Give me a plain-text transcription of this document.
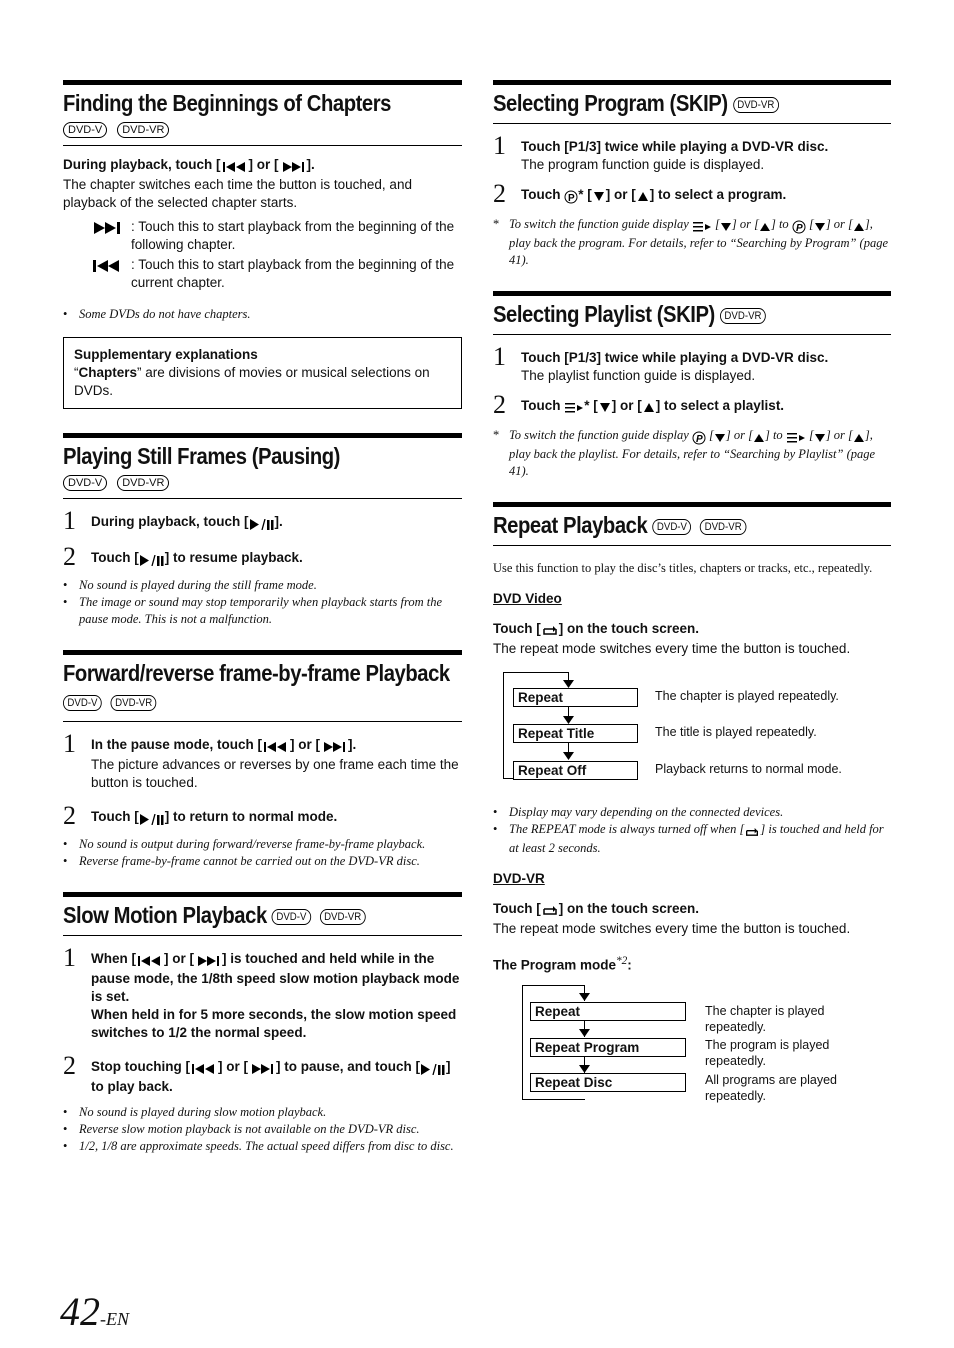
Finding the Beginnings of Chapters
DVD-V DVD-VR
During playback, touch [ ] or [ ].
The chapter switches each time the button is touched, and playback of the selected chapter starts.
: Touch this to start playback from the beginning of the following chapter.
: Touch this to start playback from the beginning of the current chapter.
• Some DVDs do not have chapters.
Supplementary explanations
“Chapters” are divisions of movies or musical selections on DVDs.
Playing Still Frames (Pausing)
DVD-V DVD-VR
1 During playback, touch [ ].
2 Touch [ ] to resume playback.
• No sound is played during the still frame mode.
• The image or sound may stop temporarily when playback starts from the pause mode. This is not a malfunction.
Forward/reverse frame-by-frame Playback DVD-V DVD-VR
1 In the pause mode, touch [ ] or [ ].
The picture advances or reverses by one frame each time the button is touched.
2 Touch [ ] to return to normal mode.
• No sound is output during forward/reverse frame-by-frame playback.
• Reverse frame-by-frame cannot be carried out on the DVD-VR disc.
Slow Motion Playback DVD-V DVD-VR
1 When [ ] or [ ] is touched and held while in the pause mode, the 1/8th speed slow motion playback mode is set.
When held in for 5 more seconds, the slow motion speed switches to 1/2 the normal speed.
2 Stop touching [ ] or [ ] to pause, and touch [ ] to play back.
• No sound is played during slow motion playback.
• Reverse slow motion playback is not available on the DVD-VR disc.
• 1/2, 1/8 are approximate speeds. The actual speed differs from disc to disc.
Selecting Program (SKIP) DVD-VR
1 Touch [P1/3] twice while playing a DVD-VR disc.
The program function guide is displayed.
2 Touch P * [ ] or [ ] to select a program.
* To switch the function guide display [ ] or [ ] to P [ ] or [ ], play back the program. For details, refer to “Searching by Program” (page 41).
Selecting Playlist (SKIP) DVD-VR
1 Touch [P1/3] twice while playing a DVD-VR disc.
The playlist function guide is displayed.
2 Touch * [ ] or [ ] to select a playlist.
* To switch the function guide display P [ ] or [ ] to [ ] or [ ], play back the playlist. For details, refer to “Searching by Playlist” (page 41).
Repeat Playback DVD-V DVD-VR
Use this function to play the disc’s titles, chapters or tracks, etc., repeatedly.
DVD Video
Touch [ ] on the touch screen.
The repeat mode switches every time the button is touched.
Repeat
Repeat Title
Repeat Off
The chapter is played repeatedly.
The title is played repeatedly.
Playback returns to normal mode.
• Display may vary depending on the connected devices.
• The REPEAT mode is always turned off when [ ] is touched and held for at least 2 seconds.
DVD-VR
Touch [ ] on the touch screen.
The repeat mode switches every time the button is touched.
The Program mode$^{*2}$:
Repeat
Repeat Program
Repeat Disc
The chapter is played repeatedly.
The program is played repeatedly.
All programs are played repeatedly.
42-EN
